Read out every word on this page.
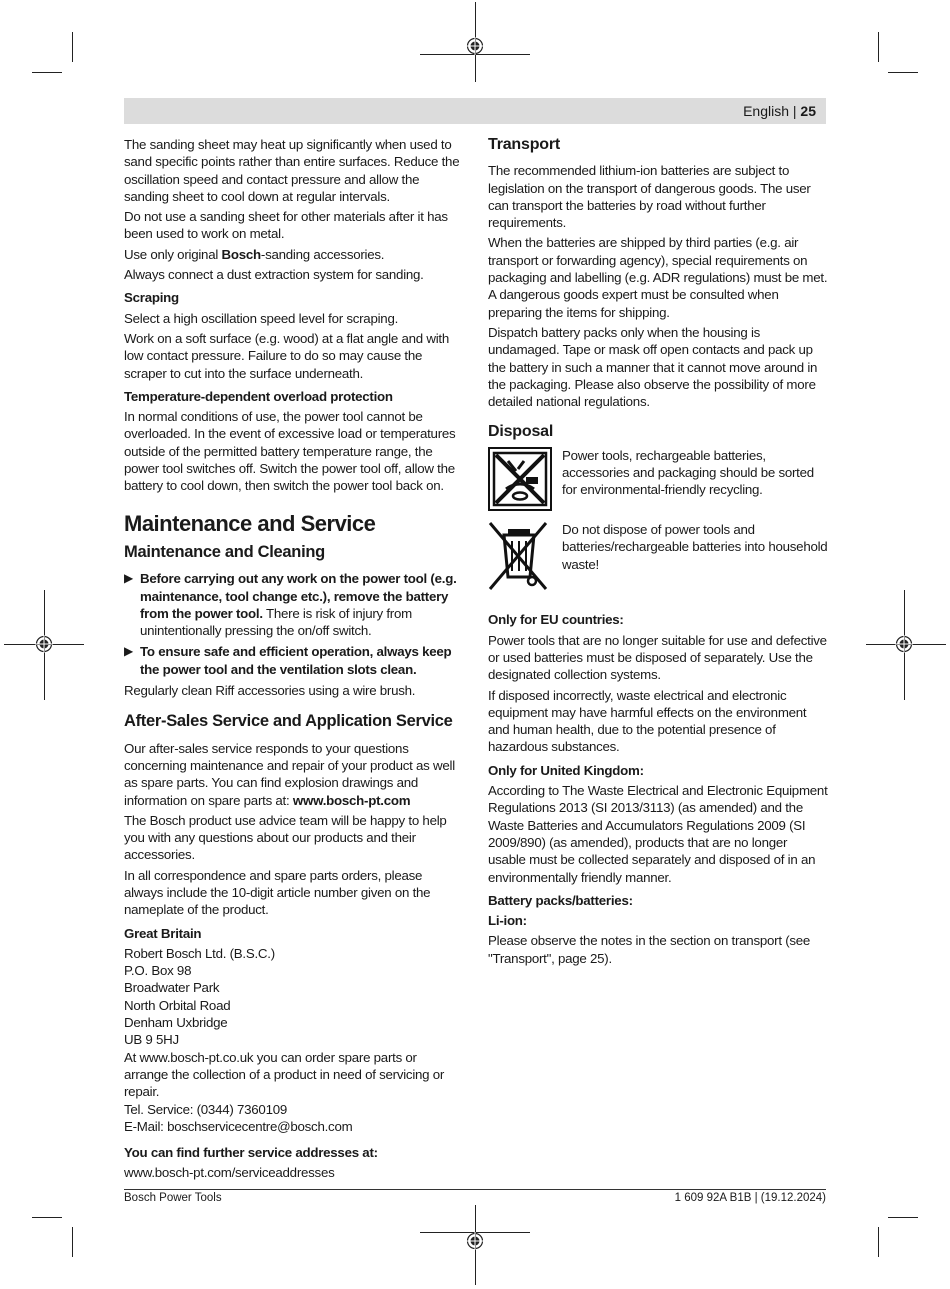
English | 25

The sanding sheet may heat up significantly when used to sand specific points rather than entire surfaces. Reduce the oscillation speed and contact pressure and allow the sanding sheet to cool down at regular intervals.

Do not use a sanding sheet for other materials after it has been used to work on metal.

Use only original Bosch-sanding accessories.

Always connect a dust extraction system for sanding.

Scraping

Select a high oscillation speed level for scraping.

Work on a soft surface (e.g. wood) at a flat angle and with low contact pressure. Failure to do so may cause the scraper to cut into the surface underneath.

Temperature-dependent overload protection

In normal conditions of use, the power tool cannot be overloaded. In the event of excessive load or temperatures outside of the permitted battery temperature range, the power tool switches off. Switch the power tool off, allow the battery to cool down, then switch the power tool back on.

Maintenance and Service
Maintenance and Cleaning
▶ Before carrying out any work on the power tool (e.g. maintenance, tool change etc.), remove the battery from the power tool. There is risk of injury from unintentionally pressing the on/off switch.
▶ To ensure safe and efficient operation, always keep the power tool and the ventilation slots clean.

Regularly clean Riff accessories using a wire brush.

After-Sales Service and Application Service

Our after-sales service responds to your questions concerning maintenance and repair of your product as well as spare parts. You can find explosion drawings and information on spare parts at: www.bosch-pt.com

The Bosch product use advice team will be happy to help you with any questions about our products and their accessories.

In all correspondence and spare parts orders, please always include the 10-digit article number given on the nameplate of the product.

Great Britain
Robert Bosch Ltd. (B.S.C.)
P.O. Box 98
Broadwater Park
North Orbital Road
Denham Uxbridge
UB 9 5HJ
At www.bosch-pt.co.uk you can order spare parts or arrange the collection of a product in need of servicing or repair.
Tel. Service: (0344) 7360109
E-Mail: boschservicecentre@bosch.com
You can find further service addresses at:

www.bosch-pt.com/serviceaddresses

Transport

The recommended lithium-ion batteries are subject to legislation on the transport of dangerous goods. The user can transport the batteries by road without further requirements.

When the batteries are shipped by third parties (e.g. air transport or forwarding agency), special requirements on packaging and labelling (e.g. ADR regulations) must be met. A dangerous goods expert must be consulted when preparing the items for shipping.

Dispatch battery packs only when the housing is undamaged. Tape or mask off open contacts and pack up the battery in such a manner that it cannot move around in the packaging. Please also observe the possibility of more detailed national regulations.

Disposal
Power tools, rechargeable batteries, accessories and packaging should be sorted for environmental-friendly recycling.
Do not dispose of power tools and batteries/rechargeable batteries into household waste!
Only for EU countries:

Power tools that are no longer suitable for use and defective or used batteries must be disposed of separately. Use the designated collection systems.

If disposed incorrectly, waste electrical and electronic equipment may have harmful effects on the environment and human health, due to the potential presence of hazardous substances.

Only for United Kingdom:

According to The Waste Electrical and Electronic Equipment Regulations 2013 (SI 2013/3113) (as amended) and the Waste Batteries and Accumulators Regulations 2009 (SI 2009/890) (as amended), products that are no longer usable must be collected separately and disposed of in an environmentally friendly manner.

Battery packs/batteries:
Li-ion:

Please observe the notes in the section on transport (see "Transport", page 25).

Bosch Power Tools	1 609 92A B1B | (19.12.2024)
